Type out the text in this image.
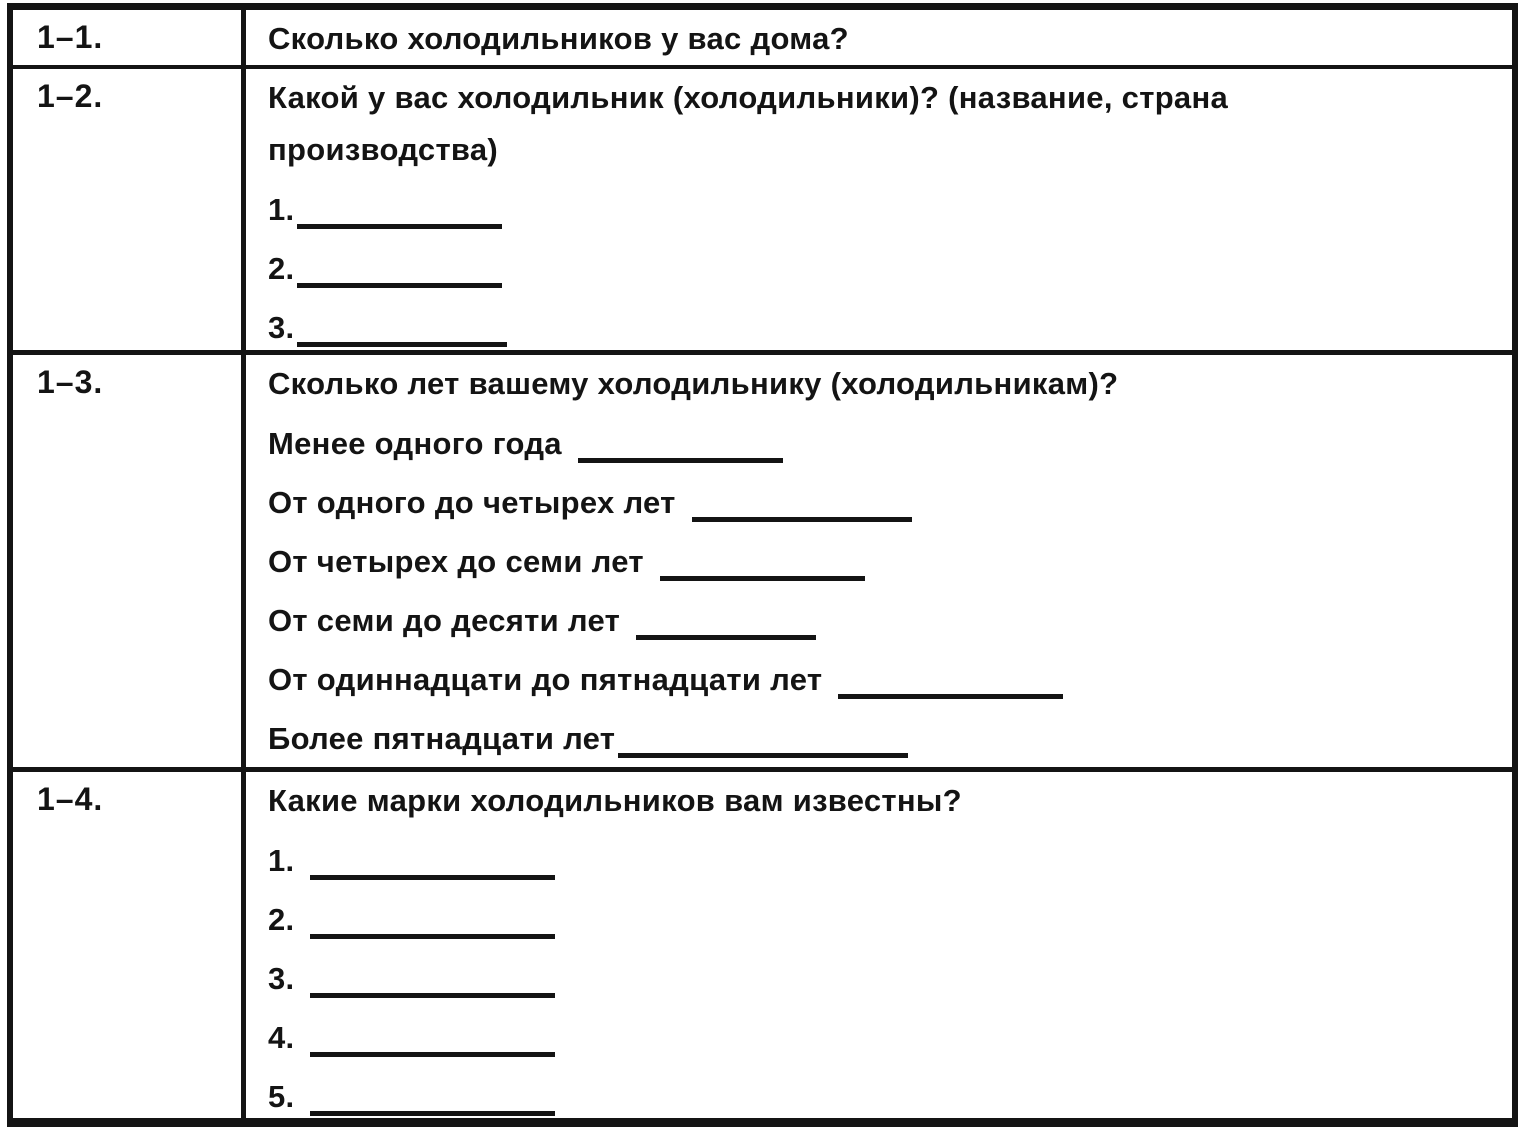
1–1.	Сколько холодильников у вас дома?
1–2.	Какой у вас холодильник (холодильники)? (название, страна
производства)
1.
2.
3.
1–3.	Сколько лет вашему холодильнику (холодильникам)?
Менее одного года
От одного до четырех лет
От четырех до семи лет
От семи до десяти лет
От одиннадцати до пятнадцати лет
Более пятнадцати лет
1–4.	Какие марки холодильников вам известны?
1.
2.
3.
4.
5.
